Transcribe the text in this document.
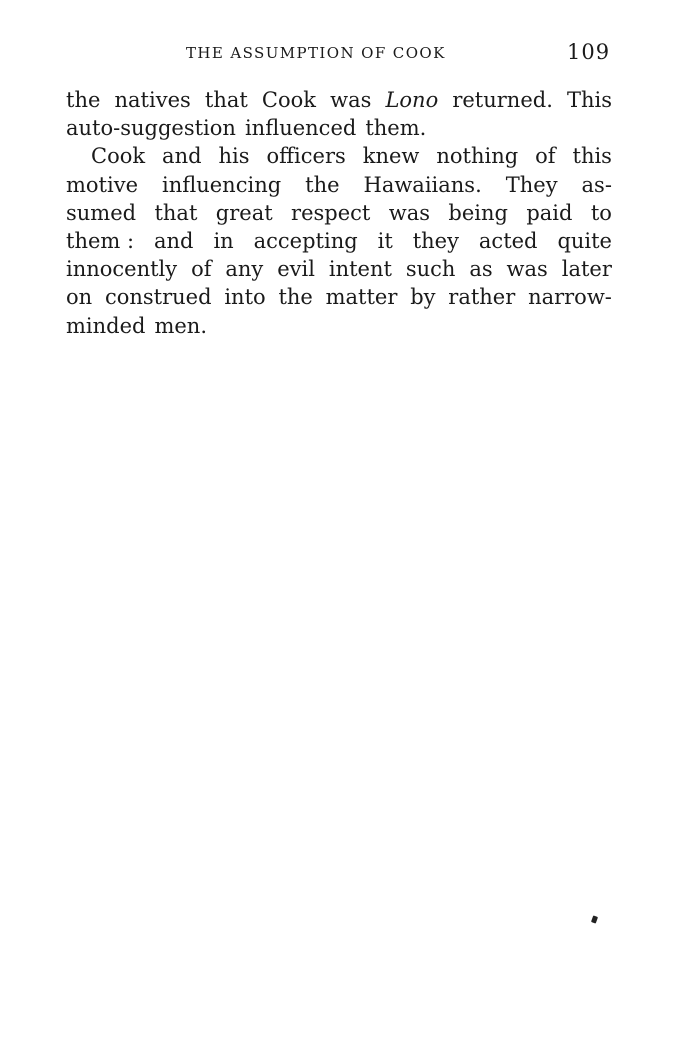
THE ASSUMPTION OF COOK	109
the natives that Cook was Lono returned. This
auto-suggestion influenced them.
Cook and his officers knew nothing of this
motive influencing the Hawaiians. They as-
sumed that great respect was being paid to
them : and in accepting it they acted quite
innocently of any evil intent such as was later
on construed into the matter by rather narrow-
minded men.
